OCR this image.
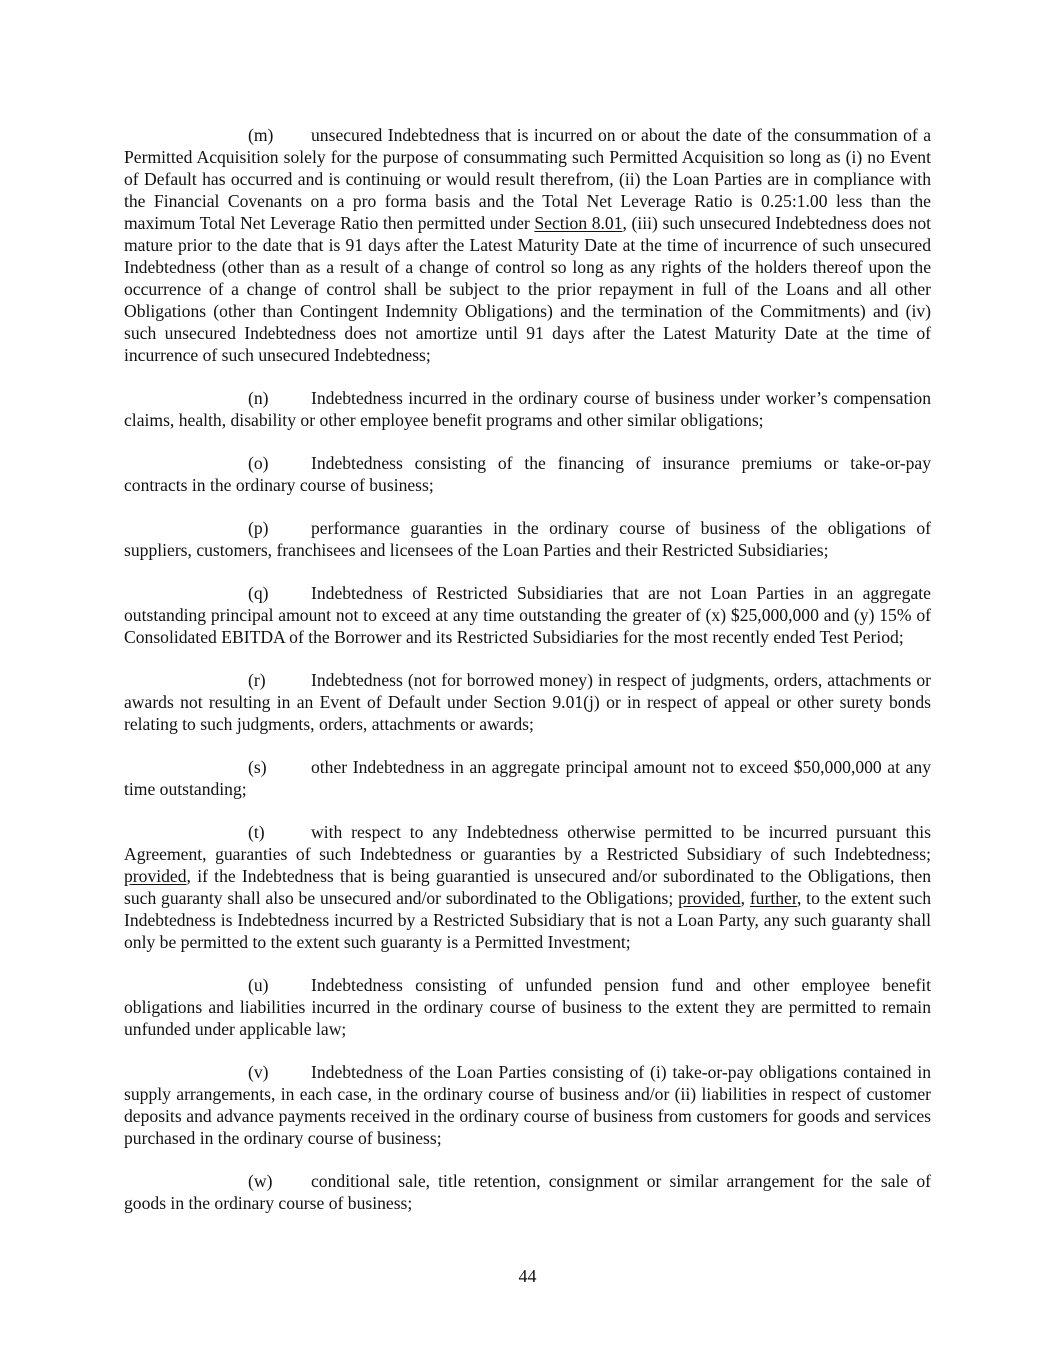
(m) unsecured Indebtedness that is incurred on or about the date of the consummation of a Permitted Acquisition solely for the purpose of consummating such Permitted Acquisition so long as (i) no Event of Default has occurred and is continuing or would result therefrom, (ii) the Loan Parties are in compliance with the Financial Covenants on a pro forma basis and the Total Net Leverage Ratio is 0.25:1.00 less than the maximum Total Net Leverage Ratio then permitted under Section 8.01, (iii) such unsecured Indebtedness does not mature prior to the date that is 91 days after the Latest Maturity Date at the time of incurrence of such unsecured Indebtedness (other than as a result of a change of control so long as any rights of the holders thereof upon the occurrence of a change of control shall be subject to the prior repayment in full of the Loans and all other Obligations (other than Contingent Indemnity Obligations) and the termination of the Commitments) and (iv) such unsecured Indebtedness does not amortize until 91 days after the Latest Maturity Date at the time of incurrence of such unsecured Indebtedness;

(n) Indebtedness incurred in the ordinary course of business under worker’s compensation claims, health, disability or other employee benefit programs and other similar obligations;

(o) Indebtedness consisting of the financing of insurance premiums or take-or-pay contracts in the ordinary course of business;

(p) performance guaranties in the ordinary course of business of the obligations of suppliers, customers, franchisees and licensees of the Loan Parties and their Restricted Subsidiaries;

(q) Indebtedness of Restricted Subsidiaries that are not Loan Parties in an aggregate outstanding principal amount not to exceed at any time outstanding the greater of (x) $25,000,000 and (y) 15% of Consolidated EBITDA of the Borrower and its Restricted Subsidiaries for the most recently ended Test Period;

(r)	Indebtedness (not for borrowed money) in respect of judgments, orders, attachments or awards not resulting in an Event of Default under Section 9.01(j) or in respect of appeal or other surety bonds relating to such judgments, orders, attachments or awards;

(s)	other Indebtedness in an aggregate principal amount not to exceed $50,000,000 at any time outstanding;

(t)	with respect to any Indebtedness otherwise permitted to be incurred pursuant this Agreement, guaranties of such Indebtedness or guaranties by a Restricted Subsidiary of such Indebtedness; provided, if the Indebtedness that is being guarantied is unsecured and/or subordinated to the Obligations, then such guaranty shall also be unsecured and/or subordinated to the Obligations; provided, further, to the extent such Indebtedness is Indebtedness incurred by a Restricted Subsidiary that is not a Loan Party, any such guaranty shall only be permitted to the extent such guaranty is a Permitted Investment;

(u) Indebtedness consisting of unfunded pension fund and other employee benefit obligations and liabilities incurred in the ordinary course of business to the extent they are permitted to remain unfunded under applicable law;

(v) Indebtedness of the Loan Parties consisting of (i) take-or-pay obligations contained in supply arrangements, in each case, in the ordinary course of business and/or (ii) liabilities in respect of customer deposits and advance payments received in the ordinary course of business from customers for goods and services purchased in the ordinary course of business;

(w) conditional sale, title retention, consignment or similar arrangement for the sale of goods in the ordinary course of business;

44
